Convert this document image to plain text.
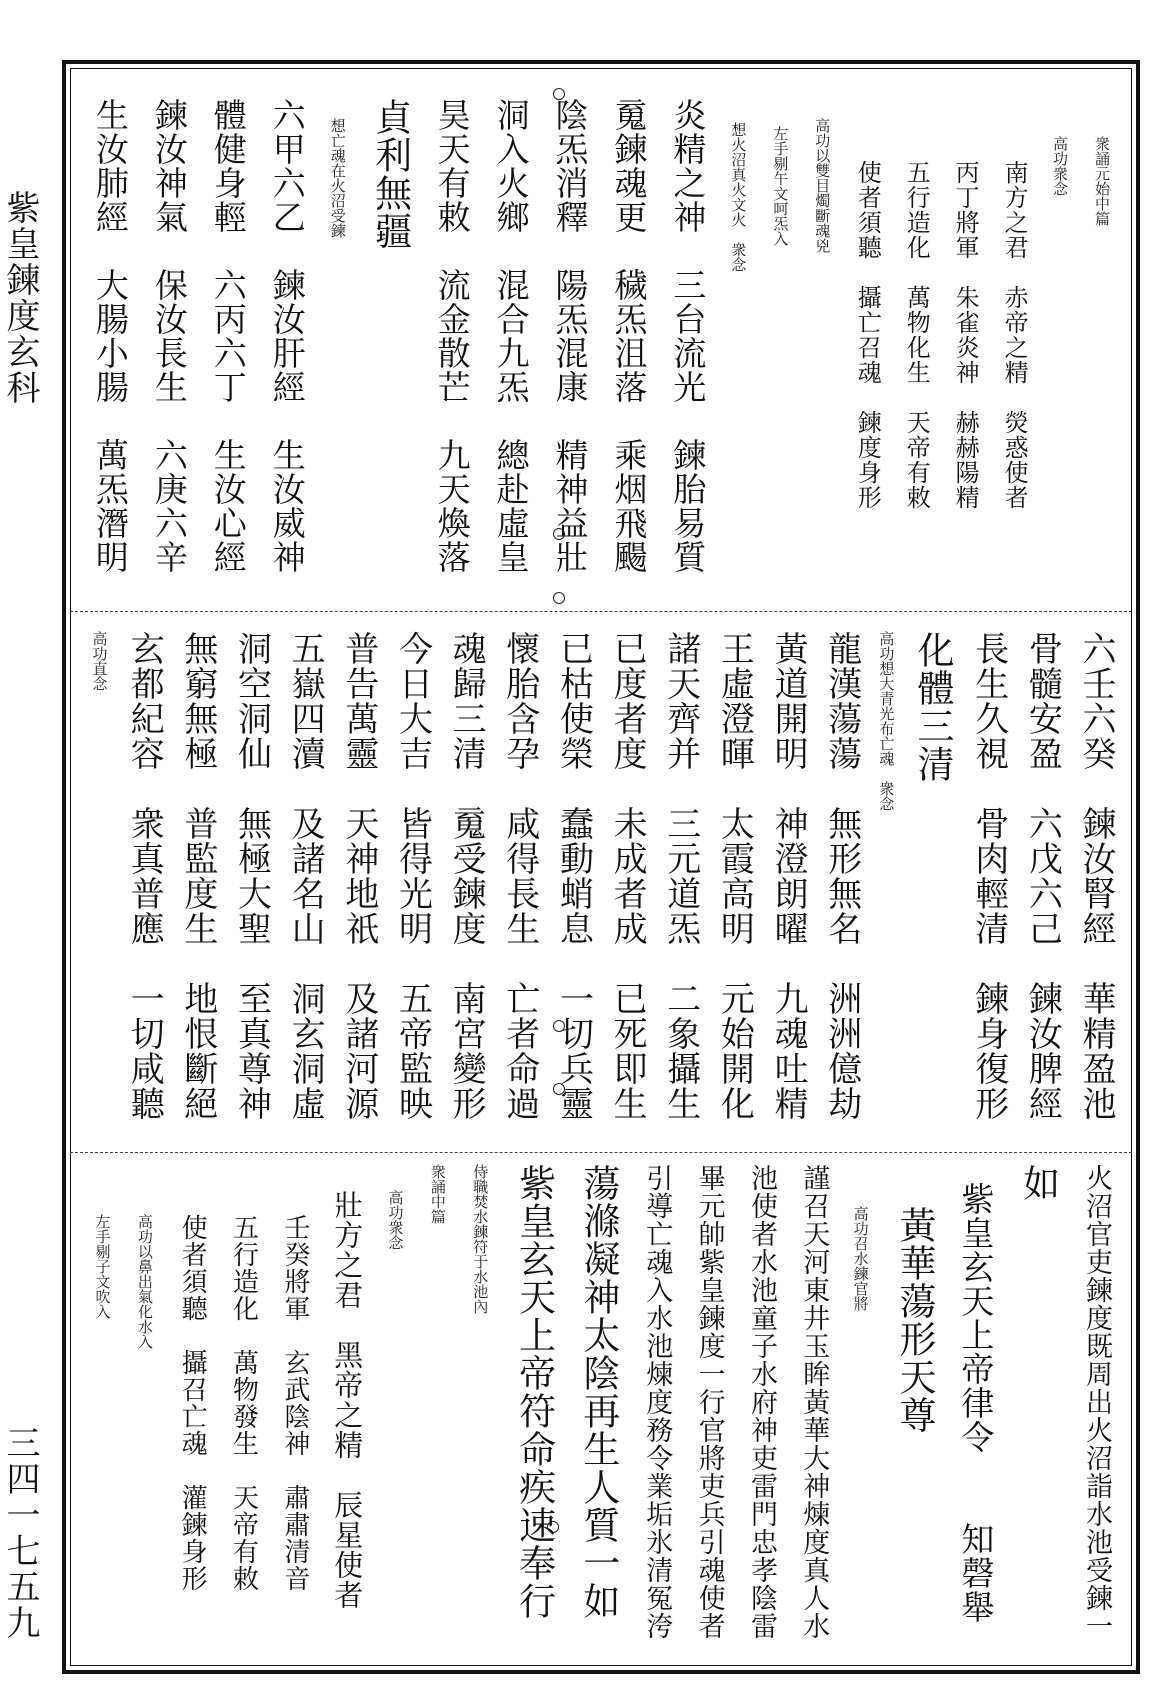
紫皇鍊度玄科
三四一七五九
衆誦元始中篇
高功衆念
南方之君　赤帝之精　熒惑使者
丙丁將軍　朱雀炎神　赫赫陽精
五行造化　萬物化生　天帝有敕
使者須聽　攝亡召魂　鍊度身形
高功以雙目燭斷魂兇
左手剔午文呵炁入
想火沼真火文火　衆念
炎精之神　三台流光　鍊胎易質
䰟鍊魂更　穢炁沮落　乘烟飛颺
陰炁消釋　陽炁混康　精神益壯
洞入火鄉　混合九炁　總赴虛皇
昊天有敕　流金散芒　九天煥落
貞利無疆
想亡魂在火沼受鍊
六甲六乙　鍊汝肝經　生汝威神
體健身輕　六丙六丁　生汝心經
鍊汝神氣　保汝長生　六庚六辛
生汝肺經　大腸小腸　萬炁潛明
六壬六癸　鍊汝腎經　華精盈池
骨髓安盈　六戊六己　鍊汝脾經
長生久視　骨肉輕清　鍊身復形
化體三清
高功想大青光布亡魂　衆念
龍漢蕩蕩　無形無名　洲洲億劫
黃道開明　神澄朗曜　九魂吐精
王虛澄暉　太霞高明　元始開化
諸天齊并　三元道炁　二象攝生
已度者度　未成者成　已死即生
已枯使榮　蠢動蛸息　一切兵靈
懷胎含孕　咸得長生　亡者命過
魂歸三清　䰟受鍊度　南宮變形
今日大吉　皆得光明　五帝監映
普告萬靈　天神地祇　及諸河源
五嶽四瀆　及諸名山　洞玄洞虛
洞空洞仙　無極大聖　至真尊神
無窮無極　普監度生　地恨斷絕
玄都紀容　衆真普應　一切咸聽
高功直念
火沼官吏鍊度既周出火沼詣水池受鍊一
如
紫皇玄天上帝律令　　知磬舉
黃華蕩形天尊
高功召水鍊官將
謹召天河東井玉眸黃華大神煉度真人水
池使者水池童子水府神吏雷門忠孝陰雷
畢元帥紫皇鍊度一行官將吏兵引魂使者
引導亡魂入水池煉度務令業垢氷清冤洿
蕩滌凝神太陰再生人質一如
紫皇玄天上帝符命疾速奉行
侍職焚水鍊符于水池內
衆誦中篇
高功衆念
壯方之君　黑帝之精　辰星使者
壬癸將軍　玄武陰神　肅肅清音
五行造化　萬物發生　天帝有敕
使者須聽　攝召亡魂　灌鍊身形
高功以鼻出氣化水入
左手剔子文吹入
